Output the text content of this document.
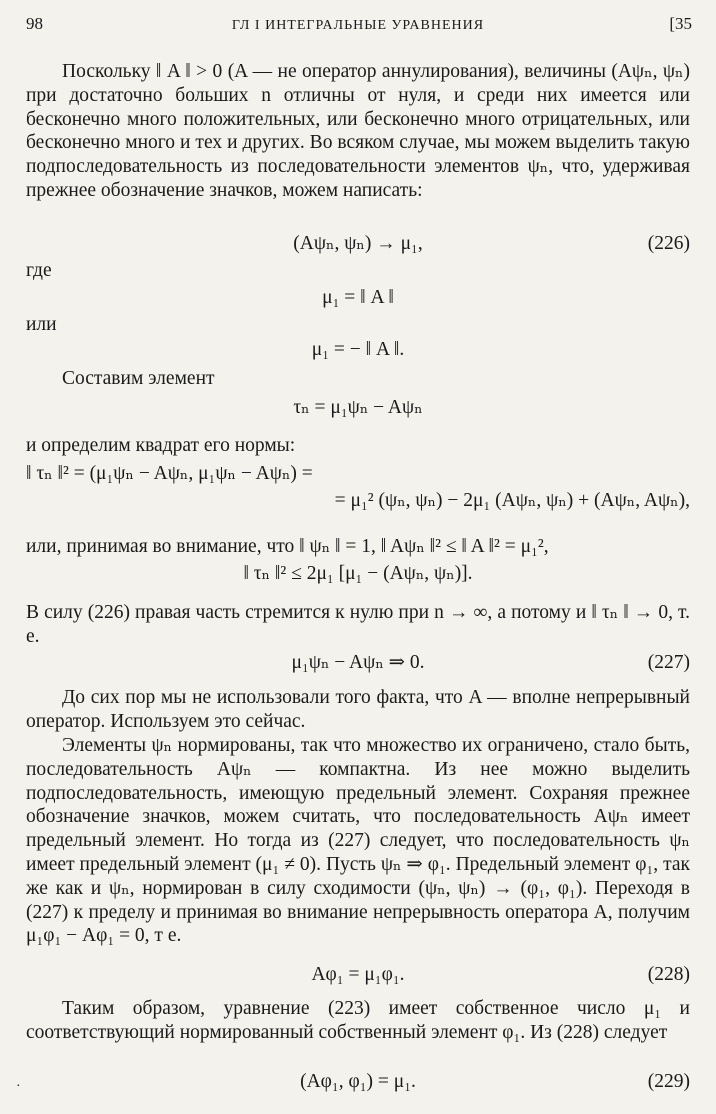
98	ГЛ I ИНТЕГРАЛЬНЫЕ УРАВНЕНИЯ	[35

Поскольку ‖ A ‖ > 0 (A — не оператор аннулирования), величины (Aψₙ, ψₙ) при достаточно больших n отличны от нуля, и среди них имеется или бесконечно много положительных, или бесконечно много отрицательных, или бесконечно много и тех и других. Во всяком случае, мы можем выделить такую подпоследовательность из последовательности элементов ψₙ, что, удерживая прежнее обозначение значков, можем написать:

(Aψₙ, ψₙ) → μ₁,	(226)
где
μ₁ = ‖ A ‖
или
μ₁ = − ‖ A ‖.
Составим элемент
τₙ = μ₁ψₙ − Aψₙ
и определим квадрат его нормы:
‖ τₙ ‖² = (μ₁ψₙ − Aψₙ, μ₁ψₙ − Aψₙ) =
= μ₁² (ψₙ, ψₙ) − 2μ₁ (Aψₙ, ψₙ) + (Aψₙ, Aψₙ),
или, принимая во внимание, что ‖ ψₙ ‖ = 1, ‖ Aψₙ ‖² ≤ ‖ A ‖² = μ₁²,
‖ τₙ ‖² ≤ 2μ₁ [μ₁ − (Aψₙ, ψₙ)].

В силу (226) правая часть стремится к нулю при n → ∞, а потому и ‖ τₙ ‖ → 0, т. е.

μ₁ψₙ − Aψₙ ⇒ 0.	(227)

До сих пор мы не использовали того факта, что A — вполне непрерывный оператор. Используем это сейчас.

Элементы ψₙ нормированы, так что множество их ограничено, стало быть, последовательность Aψₙ — компактна. Из нее можно выделить подпоследовательность, имеющую предельный элемент. Сохраняя прежнее обозначение значков, можем считать, что последовательность Aψₙ имеет предельный элемент. Но тогда из (227) следует, что последовательность ψₙ имеет предельный элемент (μ₁ ≠ 0). Пусть ψₙ ⇒ φ₁. Предельный элемент φ₁, так же как и ψₙ, нормирован в силу сходимости (ψₙ, ψₙ) → (φ₁, φ₁). Переходя в (227) к пределу и принимая во внимание непрерывность оператора A, получим μ₁φ₁ − Aφ₁ = 0, т е.

Aφ₁ = μ₁φ₁.	(228)

Таким образом, уравнение (223) имеет собственное число μ₁ и соответствующий нормированный собственный элемент φ₁. Из (228) следует

(Aφ₁, φ₁) = μ₁.	(229)
·
